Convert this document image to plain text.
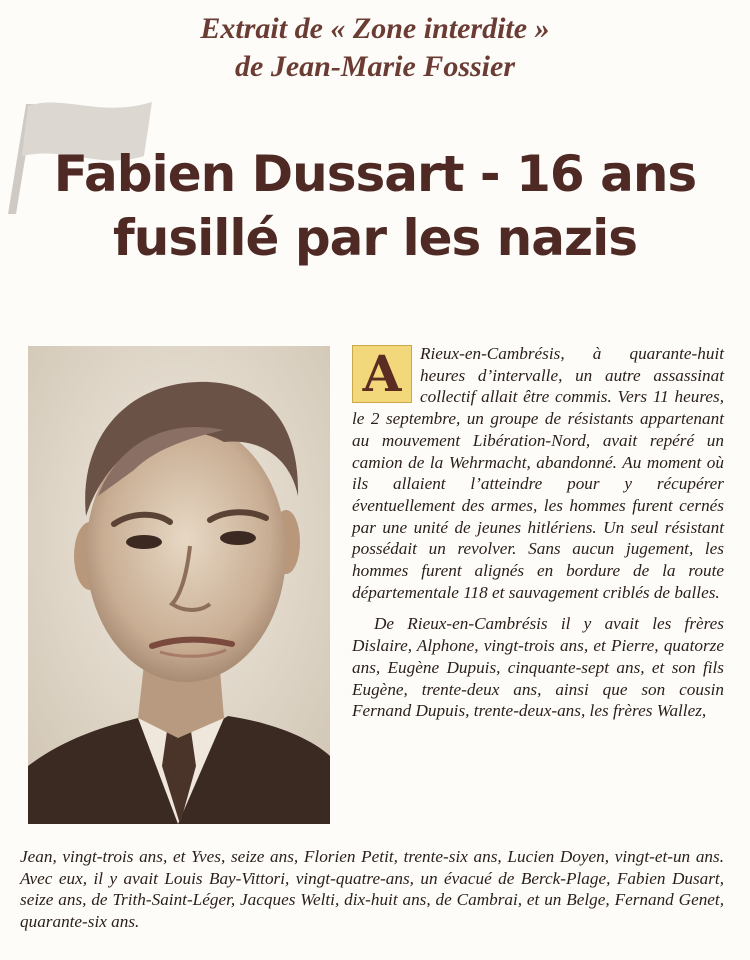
Extrait de « Zone interdite »
de Jean-Marie Fossier
Fabien Dussart - 16 ans
fusillé par les nazis
A	Rieux-en-Cambrésis, à quarante-huit heures d’intervalle, un autre assassinat collectif allait être commis. Vers 11 heures, le 2 septembre, un groupe de résistants appartenant au mouvement Libération-Nord, avait repéré un camion de la Wehrmacht, abandonné. Au moment où ils allaient l’atteindre pour y récupérer éventuellement des armes, les hommes furent cernés par une unité de jeunes hitlériens. Un seul résistant possédait un revolver. Sans aucun jugement, les hommes furent alignés en bordure de la route départementale 118 et sauvagement criblés de balles.

De Rieux-en-Cambrésis il y avait les frères Dislaire, Alphone, vingt-trois ans, et Pierre, quatorze ans, Eugène Dupuis, cinquante-sept ans, et son fils Eugène, trente-deux ans, ainsi que son cousin Fernand Dupuis, trente-deux-ans, les frères Wallez,

Jean, vingt-trois ans, et Yves, seize ans, Florien Petit, trente-six ans, Lucien Doyen, vingt-et-un ans. Avec eux, il y avait Louis Bay-Vittori, vingt-quatre-ans, un évacué de Berck-Plage, Fabien Dusart, seize ans, de Trith-Saint-Léger, Jacques Welti, dix-huit ans, de Cambrai, et un Belge, Fernand Genet, quarante-six ans.
